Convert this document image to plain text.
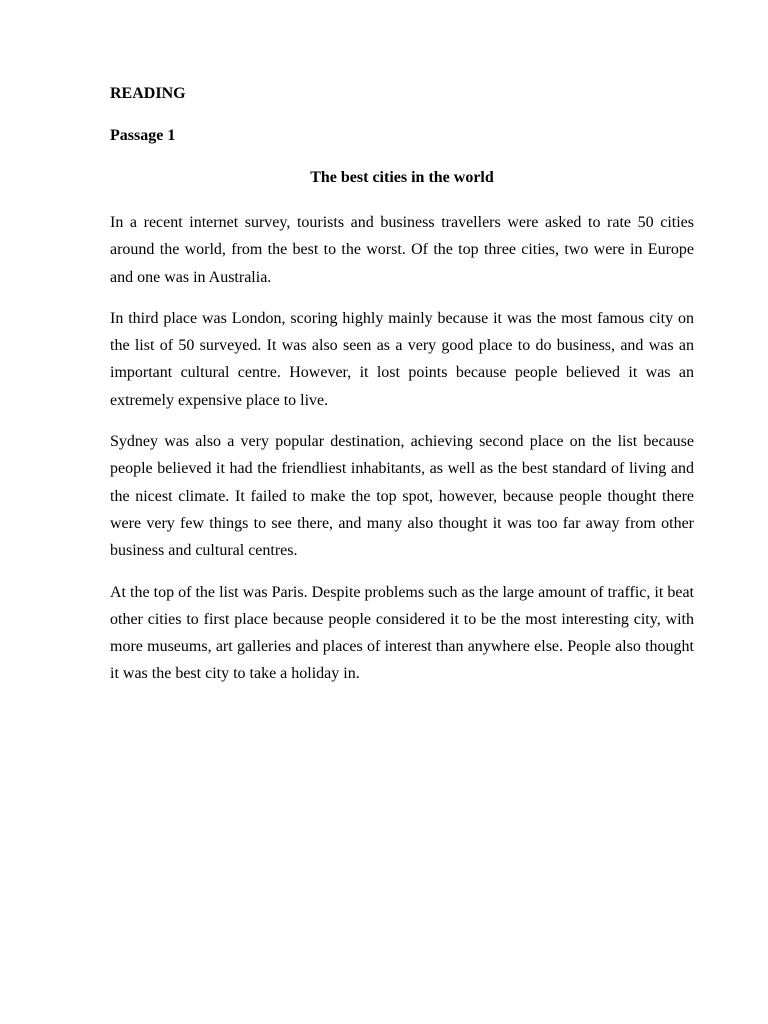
READING
Passage 1
The best cities in the world

In a recent internet survey, tourists and business travellers were asked to rate 50 cities around the world, from the best to the worst. Of the top three cities, two were in Europe and one was in Australia.

In third place was London, scoring highly mainly because it was the most famous city on the list of 50 surveyed. It was also seen as a very good place to do business, and was an important cultural centre. However, it lost points because people believed it was an extremely expensive place to live.

Sydney was also a very popular destination, achieving second place on the list because people believed it had the friendliest inhabitants, as well as the best standard of living and the nicest climate. It failed to make the top spot, however, because people thought there were very few things to see there, and many also thought it was too far away from other business and cultural centres.

At the top of the list was Paris. Despite problems such as the large amount of traffic, it beat other cities to first place because people considered it to be the most interesting city, with more museums, art galleries and places of interest than anywhere else. People also thought it was the best city to take a holiday in.
